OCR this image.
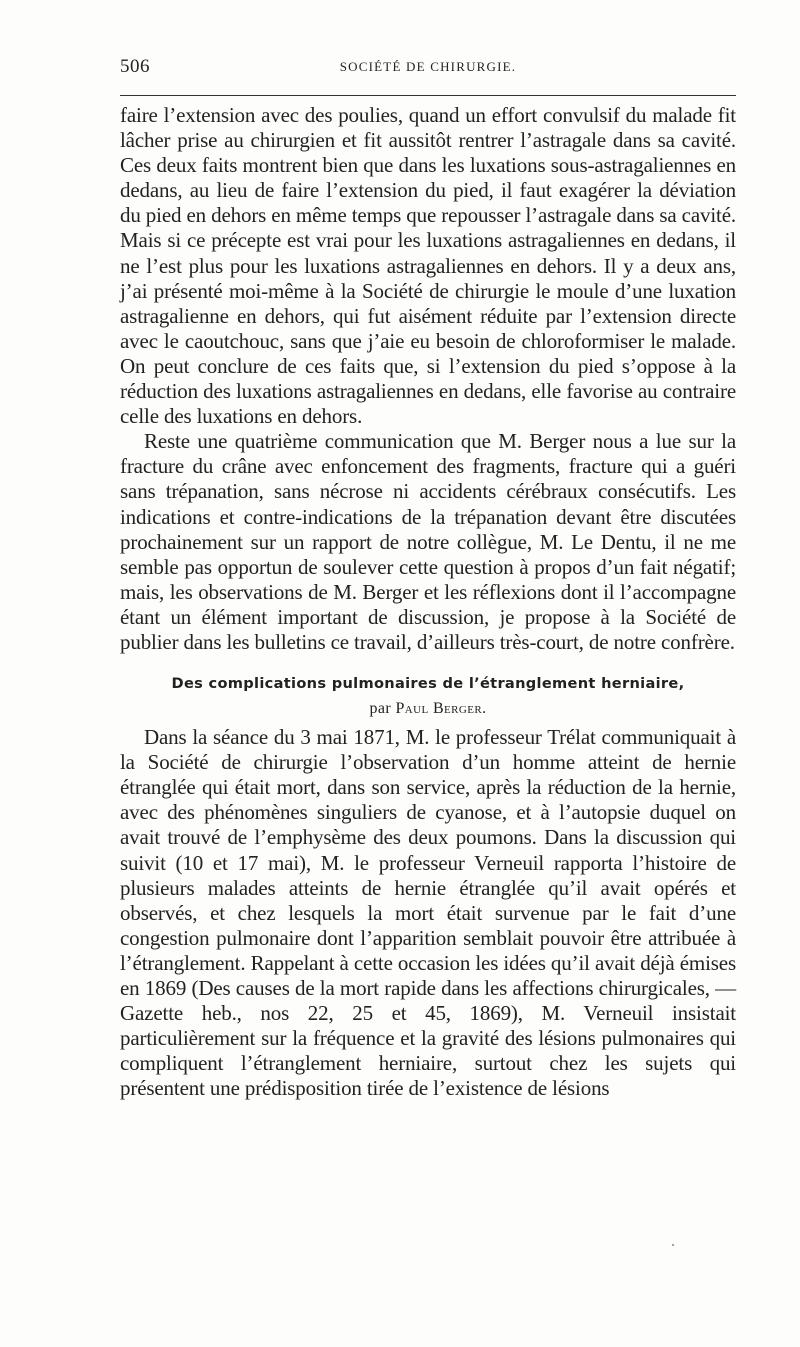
506	SOCIÉTÉ DE CHIRURGIE.

faire l’extension avec des poulies, quand un effort convulsif du malade fit lâcher prise au chirurgien et fit aussitôt rentrer l’astragale dans sa cavité. Ces deux faits montrent bien que dans les luxations sous-astragaliennes en dedans, au lieu de faire l’extension du pied, il faut exagérer la déviation du pied en dehors en même temps que repousser l’astragale dans sa cavité. Mais si ce précepte est vrai pour les luxations astragaliennes en dedans, il ne l’est plus pour les luxations astragaliennes en dehors. Il y a deux ans, j’ai présenté moi-même à la Société de chirurgie le moule d’une luxation astragalienne en dehors, qui fut aisément réduite par l’extension directe avec le caoutchouc, sans que j’aie eu besoin de chloroformiser le malade. On peut conclure de ces faits que, si l’extension du pied s’oppose à la réduction des luxations astragaliennes en dedans, elle favorise au contraire celle des luxations en dehors.

Reste une quatrième communication que M. Berger nous a lue sur la fracture du crâne avec enfoncement des fragments, fracture qui a guéri sans trépanation, sans nécrose ni accidents cérébraux consécutifs. Les indications et contre-indications de la trépanation devant être discutées prochainement sur un rapport de notre collègue, M. Le Dentu, il ne me semble pas opportun de soulever cette question à propos d’un fait négatif; mais, les observations de M. Berger et les réflexions dont il l’accompagne étant un élément important de discussion, je propose à la Société de publier dans les bulletins ce travail, d’ailleurs très-court, de notre confrère.

Des complications pulmonaires de l’étranglement herniaire,
par Paul Berger.

Dans la séance du 3 mai 1871, M. le professeur Trélat communiquait à la Société de chirurgie l’observation d’un homme atteint de hernie étranglée qui était mort, dans son service, après la réduction de la hernie, avec des phénomènes singuliers de cyanose, et à l’autopsie duquel on avait trouvé de l’emphysème des deux poumons. Dans la discussion qui suivit (10 et 17 mai), M. le professeur Verneuil rapporta l’histoire de plusieurs malades atteints de hernie étranglée qu’il avait opérés et observés, et chez lesquels la mort était survenue par le fait d’une congestion pulmonaire dont l’apparition semblait pouvoir être attribuée à l’étranglement. Rappelant à cette occasion les idées qu’il avait déjà émises en 1869 (Des causes de la mort rapide dans les affections chirurgicales, — Gazette heb., nos 22, 25 et 45, 1869), M. Verneuil insistait particulièrement sur la fréquence et la gravité des lésions pulmonaires qui compliquent l’étranglement herniaire, surtout chez les sujets qui présentent une prédisposition tirée de l’existence de lésions
